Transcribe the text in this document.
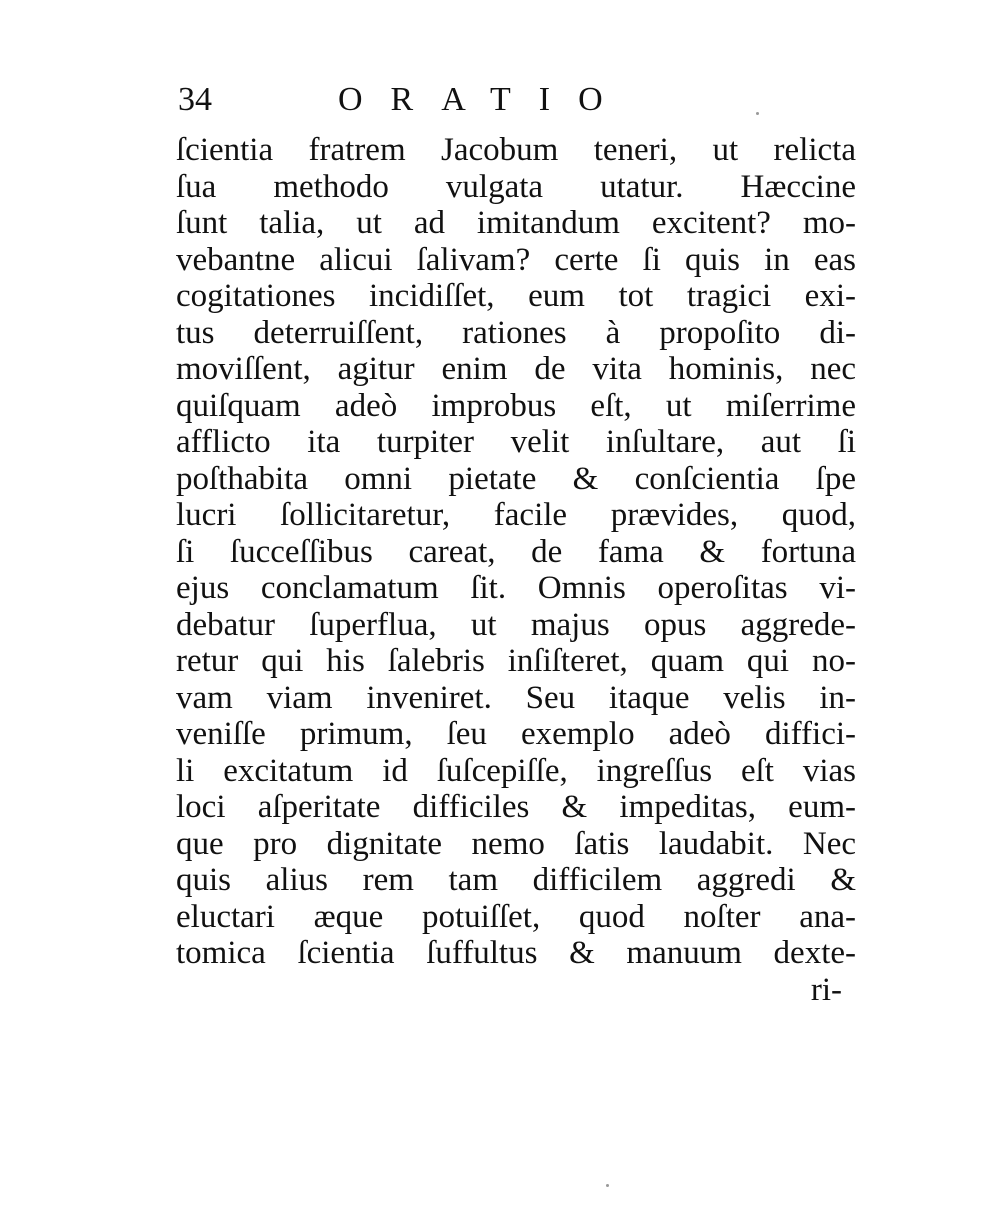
34	ORATIO
ſcientia fratrem Jacobum teneri, ut relicta
ſua methodo vulgata utatur. Hæccine
ſunt talia, ut ad imitandum excitent? mo-
vebantne alicui ſalivam? certe ſi quis in eas
cogitationes incidiſſet, eum tot tragici exi-
tus deterruiſſent, rationes à propoſito di-
moviſſent, agitur enim de vita hominis, nec
quiſquam adeò improbus eſt, ut miſerrime
afflicto ita turpiter velit inſultare, aut ſi
poſthabita omni pietate & conſcientia ſpe
lucri ſollicitaretur, facile prævides, quod,
ſi ſucceſſibus careat, de fama & fortuna
ejus conclamatum ſit. Omnis operoſitas vi-
debatur ſuperflua, ut majus opus aggrede-
retur qui his ſalebris inſiſteret, quam qui no-
vam viam inveniret. Seu itaque velis in-
veniſſe primum, ſeu exemplo adeò diffici-
li excitatum id ſuſcepiſſe, ingreſſus eſt vias
loci aſperitate difficiles & impeditas, eum-
que pro dignitate nemo ſatis laudabit. Nec
quis alius rem tam difficilem aggredi &
eluctari æque potuiſſet, quod noſter ana-
tomica ſcientia ſuffultus & manuum dexte-
ri-
